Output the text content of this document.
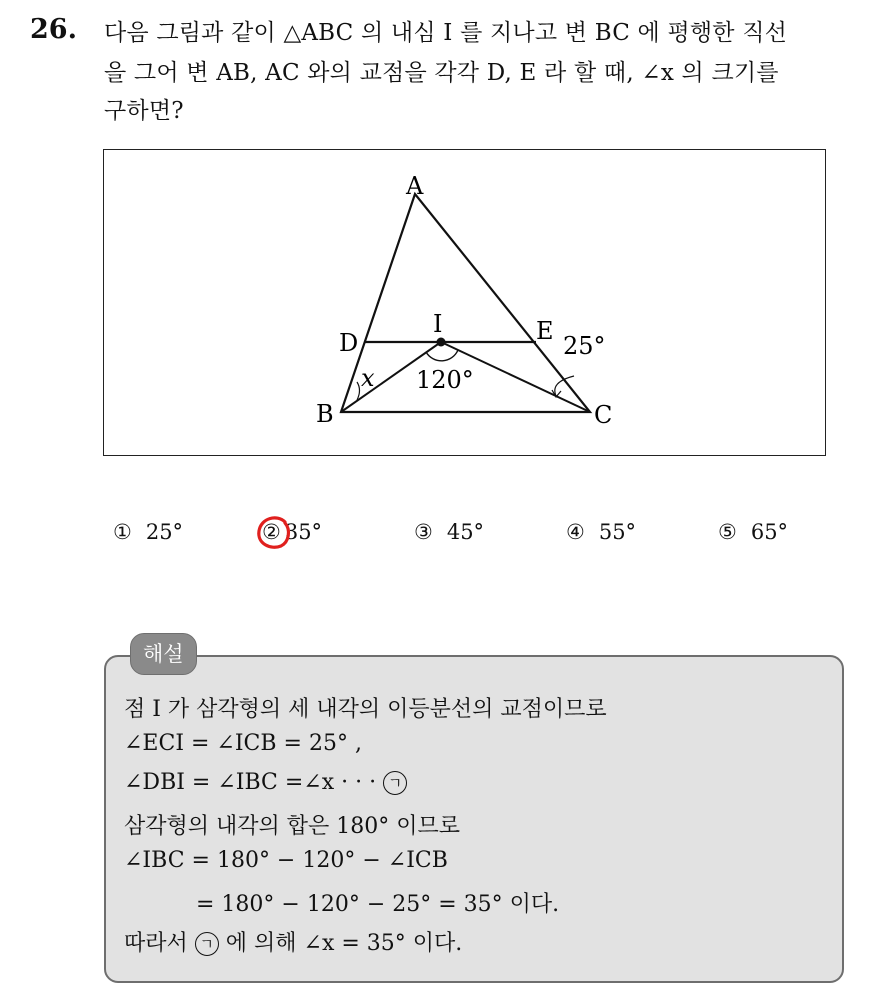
26. 다음 그림과 같이 △ABC 의 내심 I 를 지나고 변 BC 에 평행한 직선
을 그어 변 AB, AC 와의 교점을 각각 D, E 라 할 때, ∠x 의 크기를
구하면?
A
B	C
D	E
I
x 120°
25°
① 25°	② 35°	③ 45°	④ 55°	⑤ 65°
해설
점 I 가 삼각형의 세 내각의 이등분선의 교점이므로
∠ECI = ∠ICB = 25° ,
∠DBI = ∠IBC =∠x · · · ㄱ
삼각형의 내각의 합은 180° 이므로
∠IBC = 180° − 120° − ∠ICB
= 180° − 120° − 25° = 35° 이다.
따라서 ㄱ 에 의해 ∠x = 35° 이다.
